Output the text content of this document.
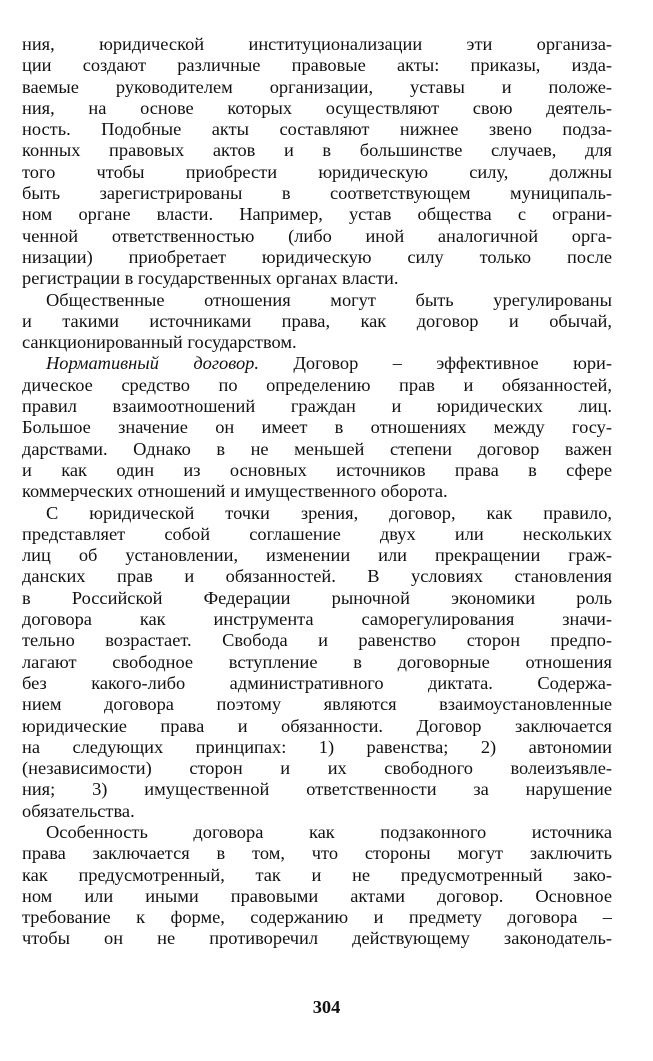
ния, юридической институционализации эти организа-
ции создают различные правовые акты: приказы, изда-
ваемые руководителем организации, уставы и положе-
ния, на основе которых осуществляют свою деятель-
ность. Подобные акты составляют нижнее звено подза-
конных правовых актов и в большинстве случаев, для
того чтобы приобрести юридическую силу, должны
быть зарегистрированы в соответствующем муниципаль-
ном органе власти. Например, устав общества с ограни-
ченной ответственностью (либо иной аналогичной орга-
низации) приобретает юридическую силу только после
регистрации в государственных органах власти.
Общественные отношения могут быть урегулированы
и такими источниками права, как договор и обычай,
санкционированный государством.
Нормативный договор. Договор – эффективное юри-
дическое средство по определению прав и обязанностей,
правил взаимоотношений граждан и юридических лиц.
Большое значение он имеет в отношениях между госу-
дарствами. Однако в не меньшей степени договор важен
и как один из основных источников права в сфере
коммерческих отношений и имущественного оборота.
С юридической точки зрения, договор, как правило,
представляет собой соглашение двух или нескольких
лиц об установлении, изменении или прекращении граж-
данских прав и обязанностей. В условиях становления
в Российской Федерации рыночной экономики роль
договора как инструмента саморегулирования значи-
тельно возрастает. Свобода и равенство сторон предпо-
лагают свободное вступление в договорные отношения
без какого-либо административного диктата. Содержа-
нием договора поэтому являются взаимоустановленные
юридические права и обязанности. Договор заключается
на следующих принципах: 1) равенства; 2) автономии
(независимости) сторон и их свободного волеизъявле-
ния; 3) имущественной ответственности за нарушение
обязательства.
Особенность договора как подзаконного источника
права заключается в том, что стороны могут заключить
как предусмотренный, так и не предусмотренный зако-
ном или иными правовыми актами договор. Основное
требование к форме, содержанию и предмету договора –
чтобы он не противоречил действующему законодатель-
304
